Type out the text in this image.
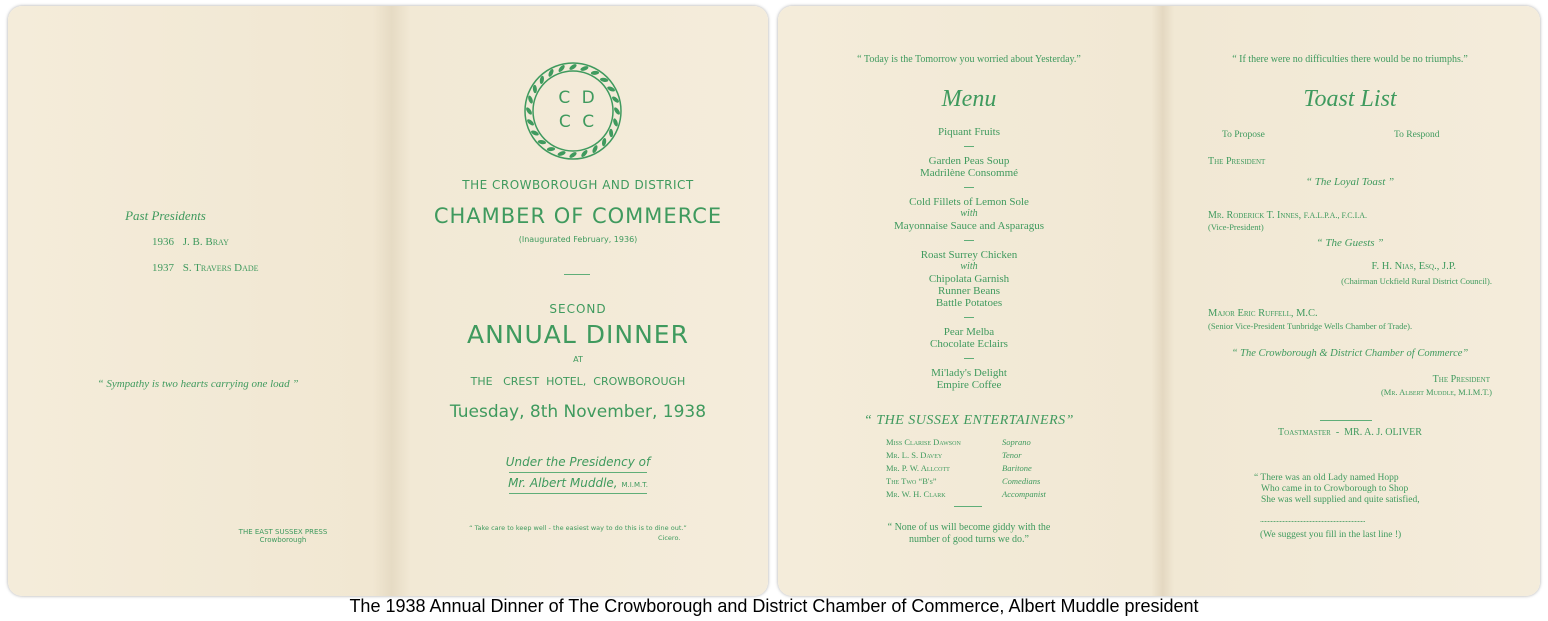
Past Presidents
1936 J. B. Bray
1937 S. Travers Dade
“ Sympathy is two hearts carrying one load ”
THE EAST SUSSEX PRESS
Crowborough
C D
C C
THE CROWBOROUGH AND DISTRICT
CHAMBER OF COMMERCE
(Inaugurated February, 1936)
SECOND
ANNUAL DINNER
AT
THE   CREST  HOTEL,  CROWBOROUGH
Tuesday, 8th November, 1938
Under the Presidency of
Mr. Albert Muddle, M.I.M.T.
“ Take care to keep well - the easiest way to do this is to dine out.”
Cicero.
“ Today is the Tomorrow you worried about Yesterday.”
Menu
Piquant Fruits
Garden Peas Soup
Madrilène Consommé
Cold Fillets of Lemon Sole
with
Mayonnaise Sauce and Asparagus
Roast Surrey Chicken
with
Chipolata Garnish
Runner Beans
Battle Potatoes
Pear Melba
Chocolate Eclairs
Mi'lady's Delight
Empire Coffee
“ THE SUSSEX ENTERTAINERS”
Miss Clarise Dawson	Soprano
Mr. L. S. Davey	Tenor
Mr. P. W. Allcott	Baritone
The Two “B's”	Comedians
Mr. W. H. Clark	Accompanist
“ None of us will become giddy with the
number of good turns we do.”
“ If there were no difficulties there would be no triumphs.”
Toast List
To Propose	To Respond
The President
“ The Loyal Toast ”
Mr. Roderick T. Innes, F.A.L.P.A., F.C.I.A.
(Vice-President)
“ The Guests ”
F. H. Nias, Esq., J.P.
(Chairman Uckfield Rural District Council).
Major Eric Ruffell, M.C.
(Senior Vice-President Tunbridge Wells Chamber of Trade).
“ The Crowborough & District Chamber of Commerce”
The President
(Mr. Albert Muddle, M.I.M.T.)
Toastmaster  -  MR. A. J. OLIVER
“ There was an old Lady named Hopp
Who came in to Crowborough to Shop
She was well supplied and quite satisfied,
......................................................................
(We suggest you fill in the last line !)
The 1938 Annual Dinner of The Crowborough and District Chamber of Commerce, Albert Muddle president
